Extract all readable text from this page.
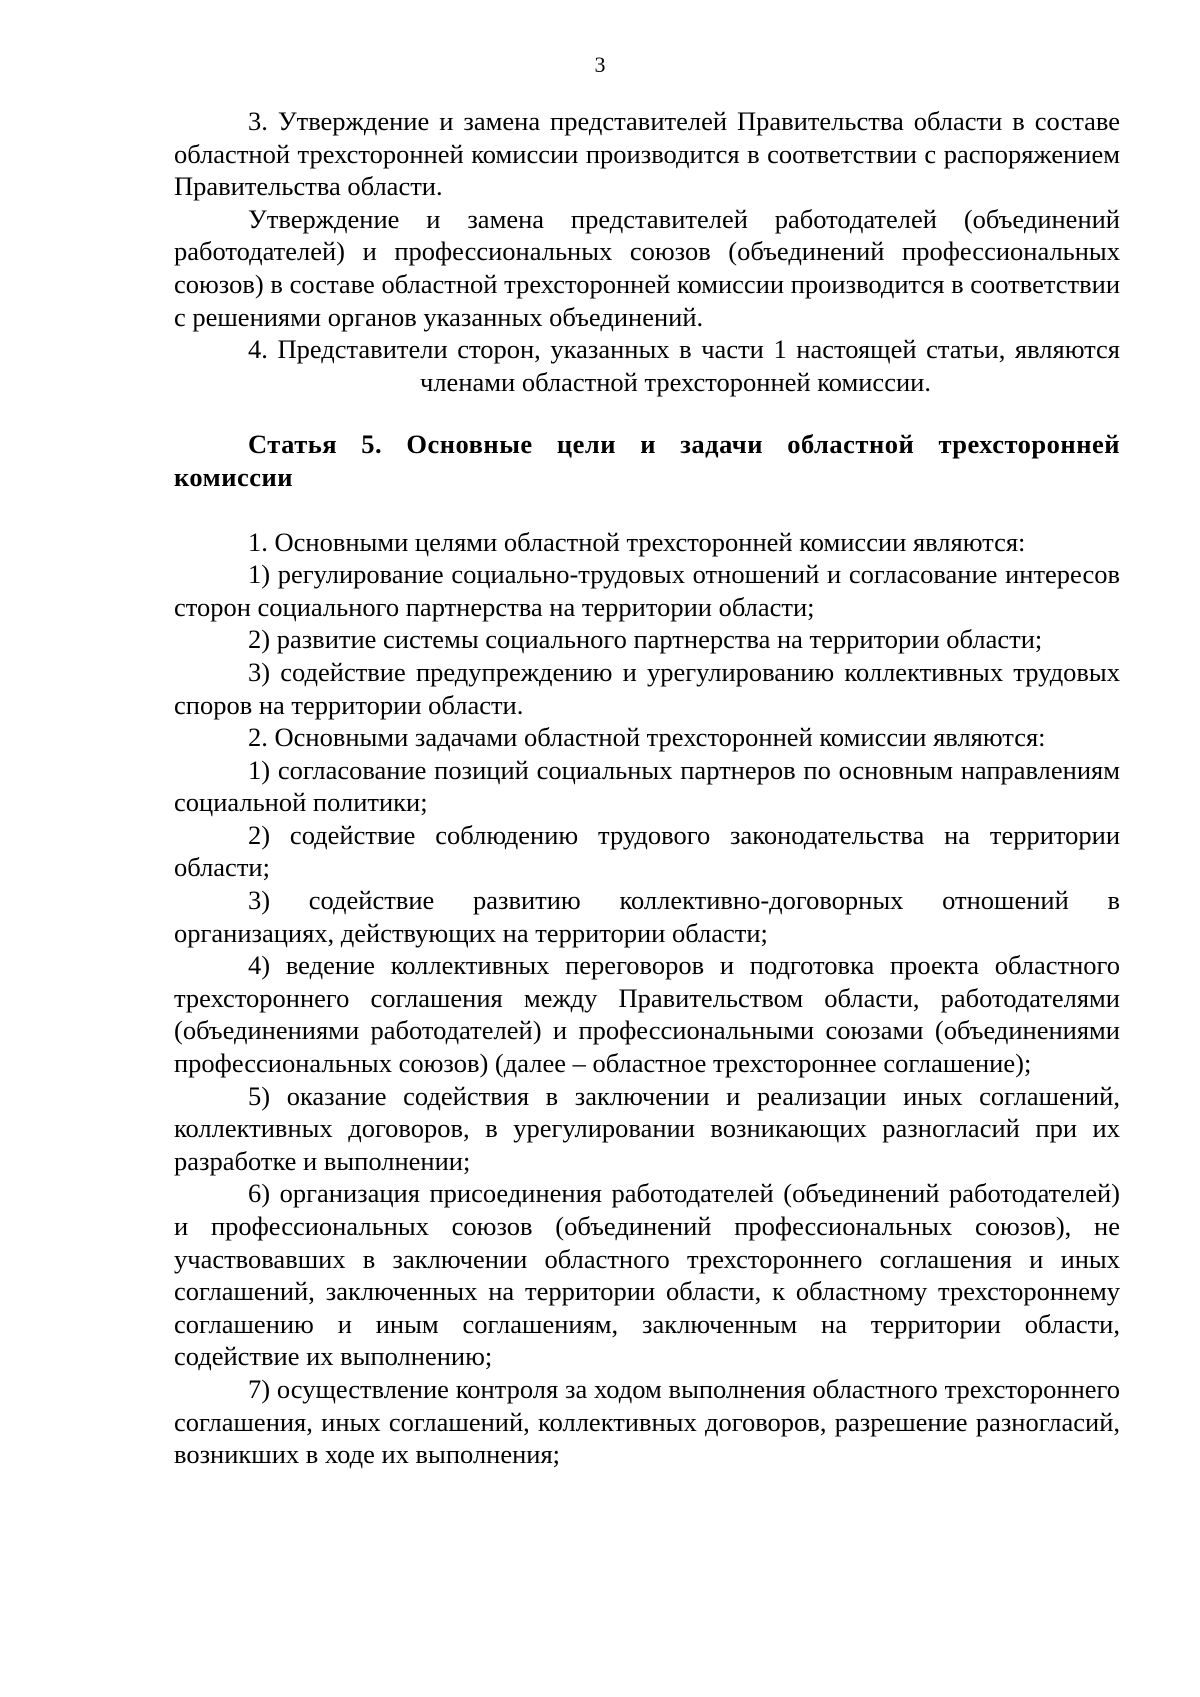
3

3. Утверждение и замена представителей Правительства области в составе областной трехсторонней комиссии производится в соответствии с распоряжением Правительства области.

Утверждение и замена представителей работодателей (объединений работодателей) и профессиональных союзов (объединений профессиональных союзов) в составе областной трехсторонней комиссии производится в соответствии с решениями органов указанных объединений.

4. Представители сторон, указанных в части 1 настоящей статьи, являютсячленами областной трехсторонней комиссии.

Статья 5. Основные цели и задачи областной трехсторонней комиссии

1. Основными целями областной трехсторонней комиссии являются:

1) регулирование социально-трудовых отношений и согласование интересов сторон социального партнерства на территории области;

2) развитие системы социального партнерства на территории области;

3) содействие предупреждению и урегулированию коллективных трудовых споров на территории области.

2. Основными задачами областной трехсторонней комиссии являются:

1) согласование позиций социальных партнеров по основным направлениям социальной политики;

2) содействие соблюдению трудового законодательства на территории области;

3) содействие развитию коллективно-договорных отношений в организациях, действующих на территории области;

4) ведение коллективных переговоров и подготовка проекта областного трехстороннего соглашения между Правительством области, работодателями (объединениями работодателей) и профессиональными союзами (объединениями профессиональных союзов) (далее – областное трехстороннее соглашение);

5) оказание содействия в заключении и реализации иных соглашений, коллективных договоров, в урегулировании возникающих разногласий при их разработке и выполнении;

6) организация присоединения работодателей (объединений работодателей) и профессиональных союзов (объединений профессиональных союзов), не участвовавших в заключении областного трехстороннего соглашения и иных соглашений, заключенных на территории области, к областному трехстороннему соглашению и иным соглашениям, заключенным на территории области, содействие их выполнению;

7) осуществление контроля за ходом выполнения областного трехстороннего соглашения, иных соглашений, коллективных договоров, разрешение разногласий, возникших в ходе их выполнения;
